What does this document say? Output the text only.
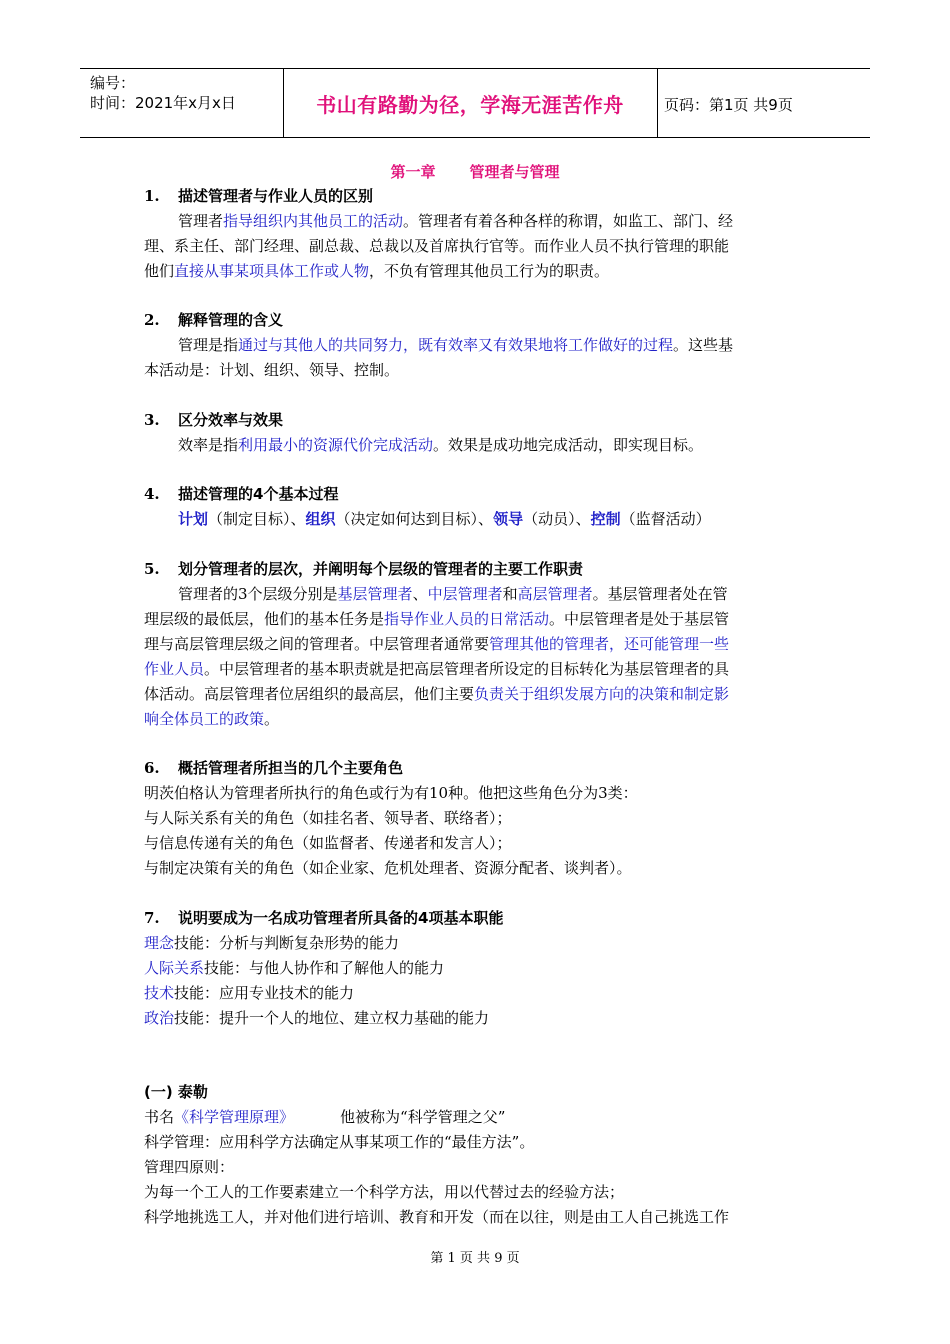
编号：
时间：2021年x月x日	书山有路勤为径，学海无涯苦作舟	页码：第1页 共9页
第一章 管理者与管理
1. 描述管理者与作业人员的区别
管理者指导组织内其他员工的活动。管理者有着各种各样的称谓，如监工、部门、经
理、系主任、部门经理、副总裁、总裁以及首席执行官等。而作业人员不执行管理的职能
他们直接从事某项具体工作或人物，不负有管理其他员工行为的职责。
2. 解释管理的含义
管理是指通过与其他人的共同努力，既有效率又有效果地将工作做好的过程。这些基
本活动是：计划、组织、领导、控制。
3. 区分效率与效果
效率是指利用最小的资源代价完成活动。效果是成功地完成活动，即实现目标。
4. 描述管理的4个基本过程
计划（制定目标）、组织（决定如何达到目标）、领导（动员）、控制（监督活动）
5. 划分管理者的层次，并阐明每个层级的管理者的主要工作职责
管理者的3个层级分别是基层管理者、中层管理者和高层管理者。基层管理者处在管
理层级的最低层，他们的基本任务是指导作业人员的日常活动。中层管理者是处于基层管
理与高层管理层级之间的管理者。中层管理者通常要管理其他的管理者，还可能管理一些
作业人员。中层管理者的基本职责就是把高层管理者所设定的目标转化为基层管理者的具
体活动。高层管理者位居组织的最高层，他们主要负责关于组织发展方向的决策和制定影
响全体员工的政策。
6. 概括管理者所担当的几个主要角色
明茨伯格认为管理者所执行的角色或行为有10种。他把这些角色分为3类：
与人际关系有关的角色（如挂名者、领导者、联络者）；
与信息传递有关的角色（如监督者、传递者和发言人）；
与制定决策有关的角色（如企业家、危机处理者、资源分配者、谈判者）。
7. 说明要成为一名成功管理者所具备的4项基本职能
理念技能：分析与判断复杂形势的能力
人际关系技能：与他人协作和了解他人的能力
技术技能：应用专业技术的能力
政治技能：提升一个人的地位、建立权力基础的能力
(一) 泰勒
书名《科学管理原理》	他被称为“科学管理之父”
科学管理：应用科学方法确定从事某项工作的“最佳方法”。
管理四原则：
为每一个工人的工作要素建立一个科学方法，用以代替过去的经验方法；
科学地挑选工人，并对他们进行培训、教育和开发（而在以往，则是由工人自己挑选工作
第 1 页 共 9 页
